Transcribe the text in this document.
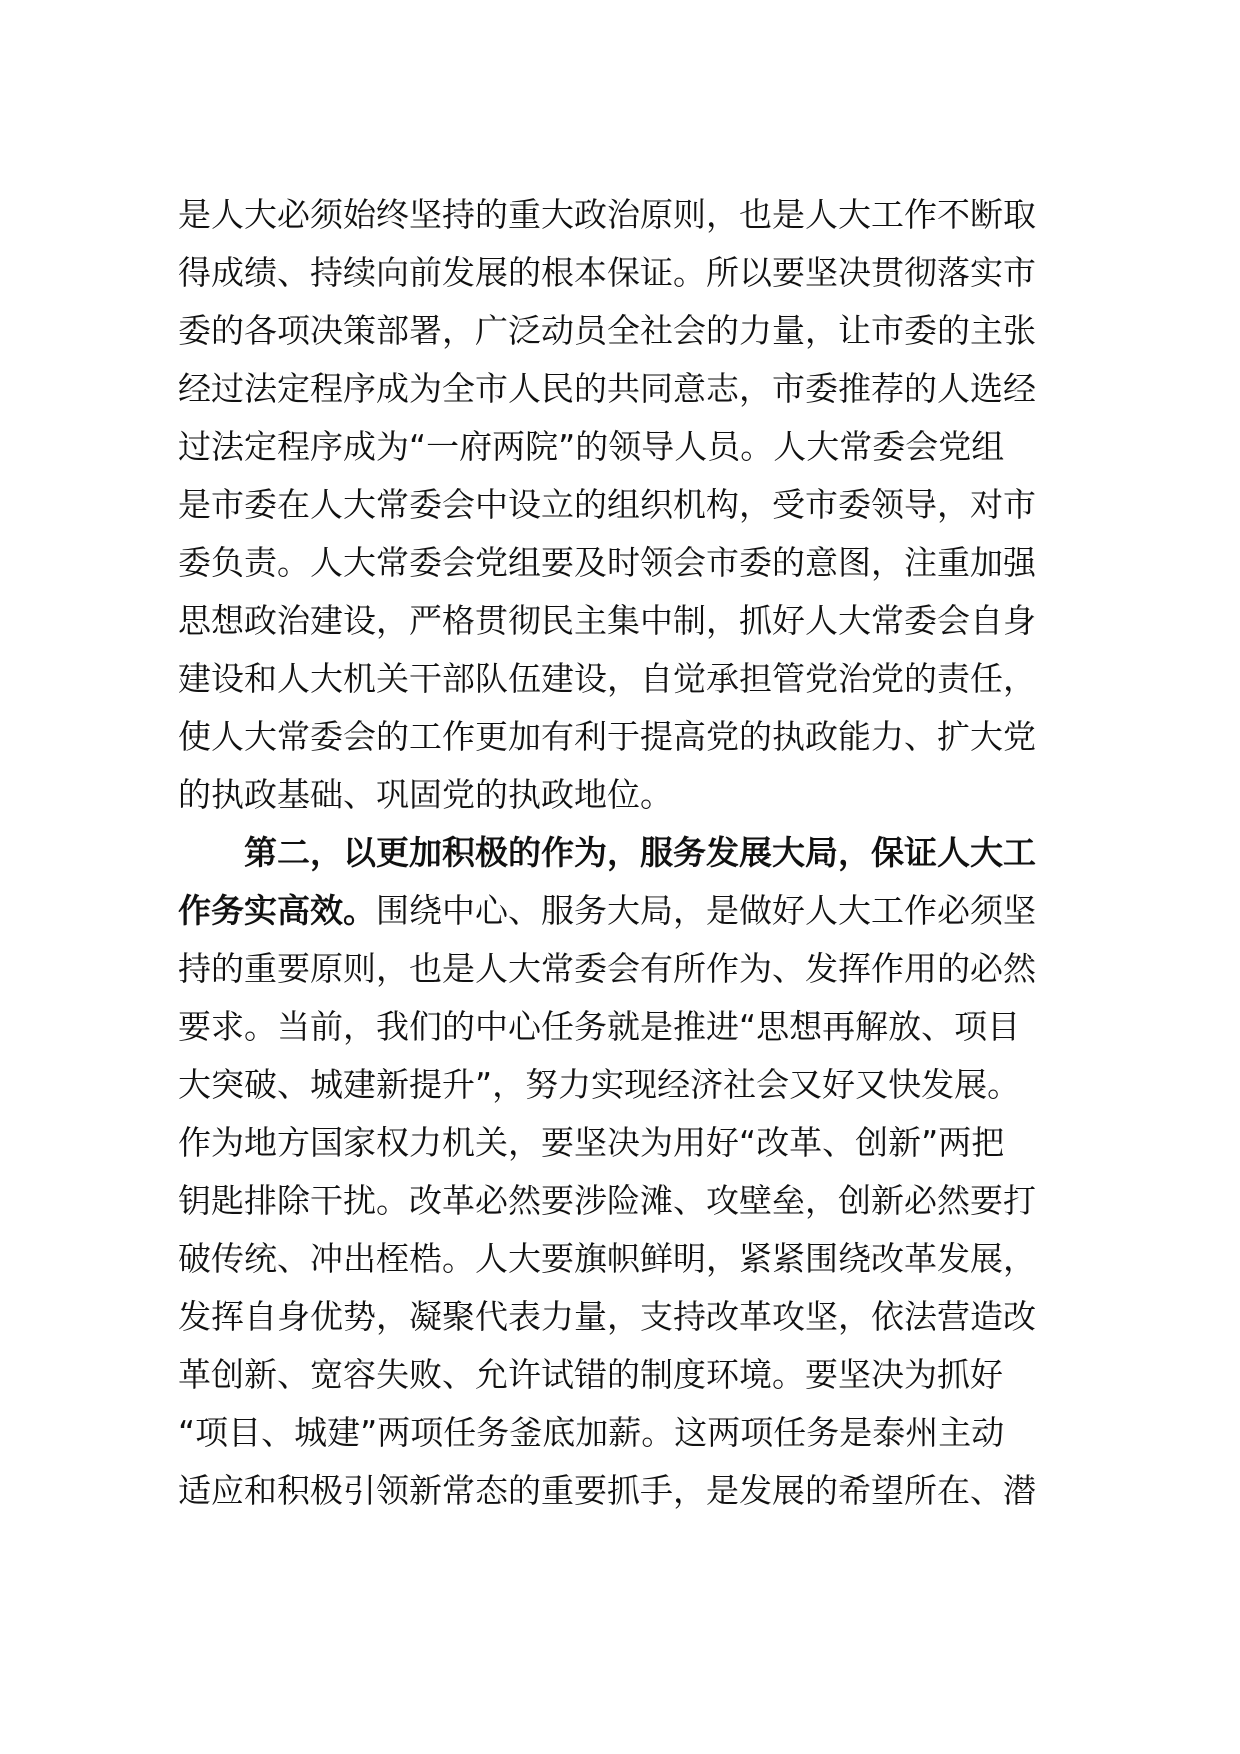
是人大必须始终坚持的重大政治原则，也是人大工作不断取
得成绩、持续向前发展的根本保证。所以要坚决贯彻落实市
委的各项决策部署，广泛动员全社会的力量，让市委的主张
经过法定程序成为全市人民的共同意志，市委推荐的人选经
过法定程序成为“一府两院”的领导人员。人大常委会党组
是市委在人大常委会中设立的组织机构，受市委领导，对市
委负责。人大常委会党组要及时领会市委的意图，注重加强
思想政治建设，严格贯彻民主集中制，抓好人大常委会自身
建设和人大机关干部队伍建设，自觉承担管党治党的责任，
使人大常委会的工作更加有利于提高党的执政能力、扩大党
的执政基础、巩固党的执政地位。
第二，以更加积极的作为，服务发展大局，保证人大工
作务实高效。围绕中心、服务大局，是做好人大工作必须坚
持的重要原则，也是人大常委会有所作为、发挥作用的必然
要求。当前，我们的中心任务就是推进“思想再解放、项目
大突破、城建新提升”，努力实现经济社会又好又快发展。
作为地方国家权力机关，要坚决为用好“改革、创新”两把
钥匙排除干扰。改革必然要涉险滩、攻壁垒，创新必然要打
破传统、冲出桎梏。人大要旗帜鲜明，紧紧围绕改革发展，
发挥自身优势，凝聚代表力量，支持改革攻坚，依法营造改
革创新、宽容失败、允许试错的制度环境。要坚决为抓好
“项目、城建”两项任务釜底加薪。这两项任务是泰州主动
适应和积极引领新常态的重要抓手，是发展的希望所在、潜
